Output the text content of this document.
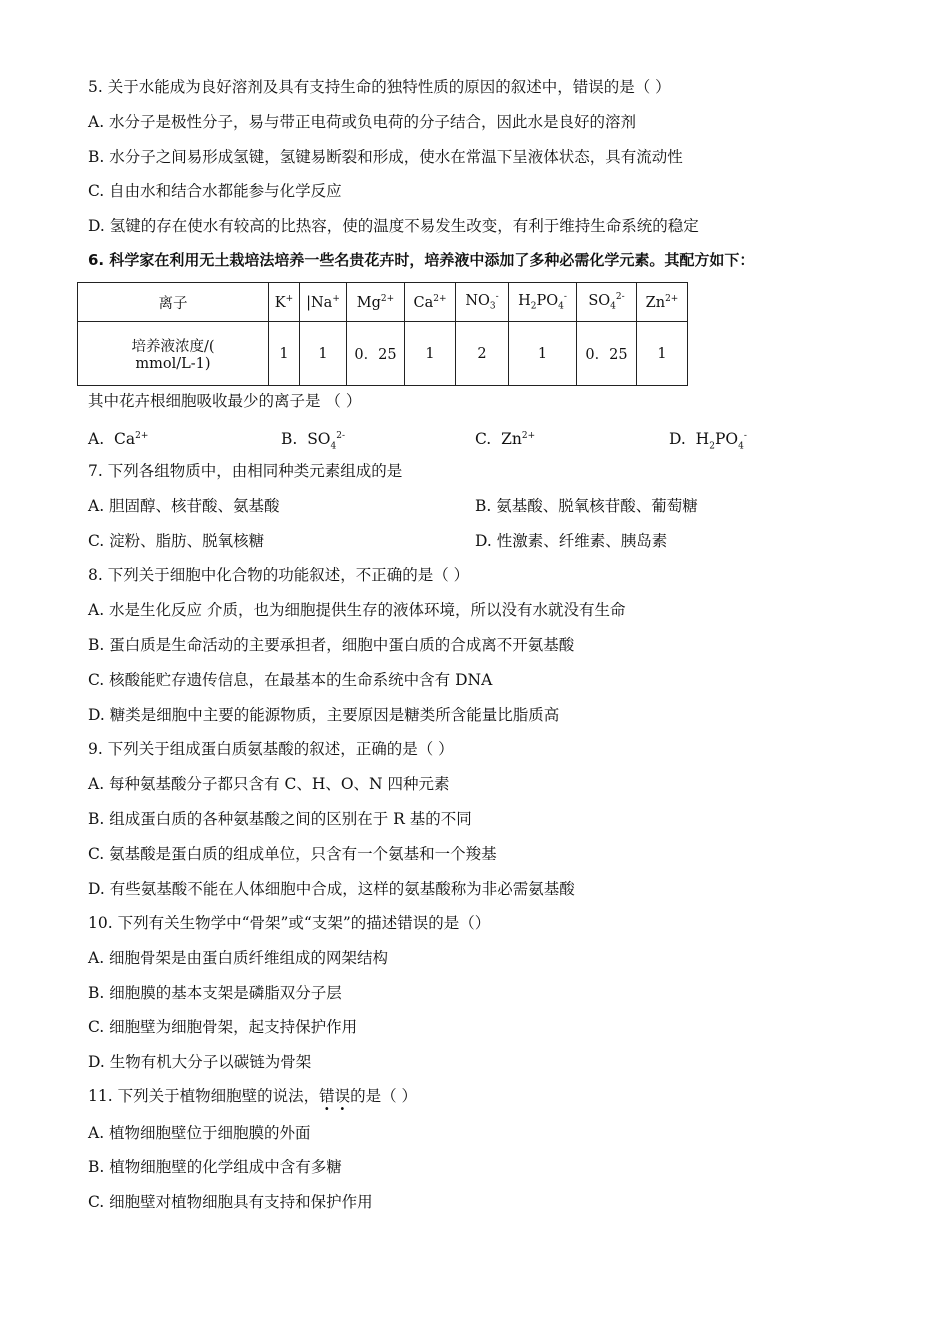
5. 关于水能成为良好溶剂及具有支持生命的独特性质的原因的叙述中，错误的是（ ）
A. 水分子是极性分子，易与带正电荷或负电荷的分子结合，因此水是良好的溶剂
B. 水分子之间易形成氢键，氢键易断裂和形成，使水在常温下呈液体状态，具有流动性
C. 自由水和结合水都能参与化学反应
D. 氢键的存在使水有较高的比热容，使的温度不易发生改变，有利于维持生命系统的稳定
6. 科学家在利用无土栽培法培养一些名贵花卉时，培养液中添加了多种必需化学元素。其配方如下：
离子	K+	|Na+	$Mg^{2+}$	$Ca^{2+}$	$NO_3^-$	$H_2PO_4^-$	$SO_4^{2-}$	$Zn^{2+}$

培养液浓度/(
mmol/L-1)	1	1	0．25	1	2	1	0．25	1
其中花卉根细胞吸收最少的离子是 （ ）
A. $Ca^{2+}$	B. $SO_4^{2-}$	C. $Zn^{2+}$	D. $H_2PO_4^-$
7. 下列各组物质中，由相同种类元素组成的是
A. 胆固醇、核苷酸、氨基酸	B. 氨基酸、脱氧核苷酸、葡萄糖
C. 淀粉、脂肪、脱氧核糖	D. 性激素、纤维素、胰岛素
8. 下列关于细胞中化合物的功能叙述，不正确的是（ ）
A. 水是生化反应 介质，也为细胞提供生存的液体环境，所以没有水就没有生命
B. 蛋白质是生命活动的主要承担者，细胞中蛋白质的合成离不开氨基酸
C. 核酸能贮存遗传信息，在最基本的生命系统中含有 DNA
D. 糖类是细胞中主要的能源物质，主要原因是糖类所含能量比脂质高
9. 下列关于组成蛋白质氨基酸的叙述，正确的是（ ）
A. 每种氨基酸分子都只含有 C、H、O、N 四种元素
B. 组成蛋白质的各种氨基酸之间的区别在于 R 基的不同
C. 氨基酸是蛋白质的组成单位，只含有一个氨基和一个羧基
D. 有些氨基酸不能在人体细胞中合成，这样的氨基酸称为非必需氨基酸
10. 下列有关生物学中“骨架”或“支架”的描述错误的是（）
A. 细胞骨架是由蛋白质纤维组成的网架结构
B. 细胞膜的基本支架是磷脂双分子层
C. 细胞壁为细胞骨架，起支持保护作用
D. 生物有机大分子以碳链为骨架
11. 下列关于植物细胞壁的说法，错误的是（ ）
A. 植物细胞壁位于细胞膜的外面
B. 植物细胞壁的化学组成中含有多糖
C. 细胞壁对植物细胞具有支持和保护作用
